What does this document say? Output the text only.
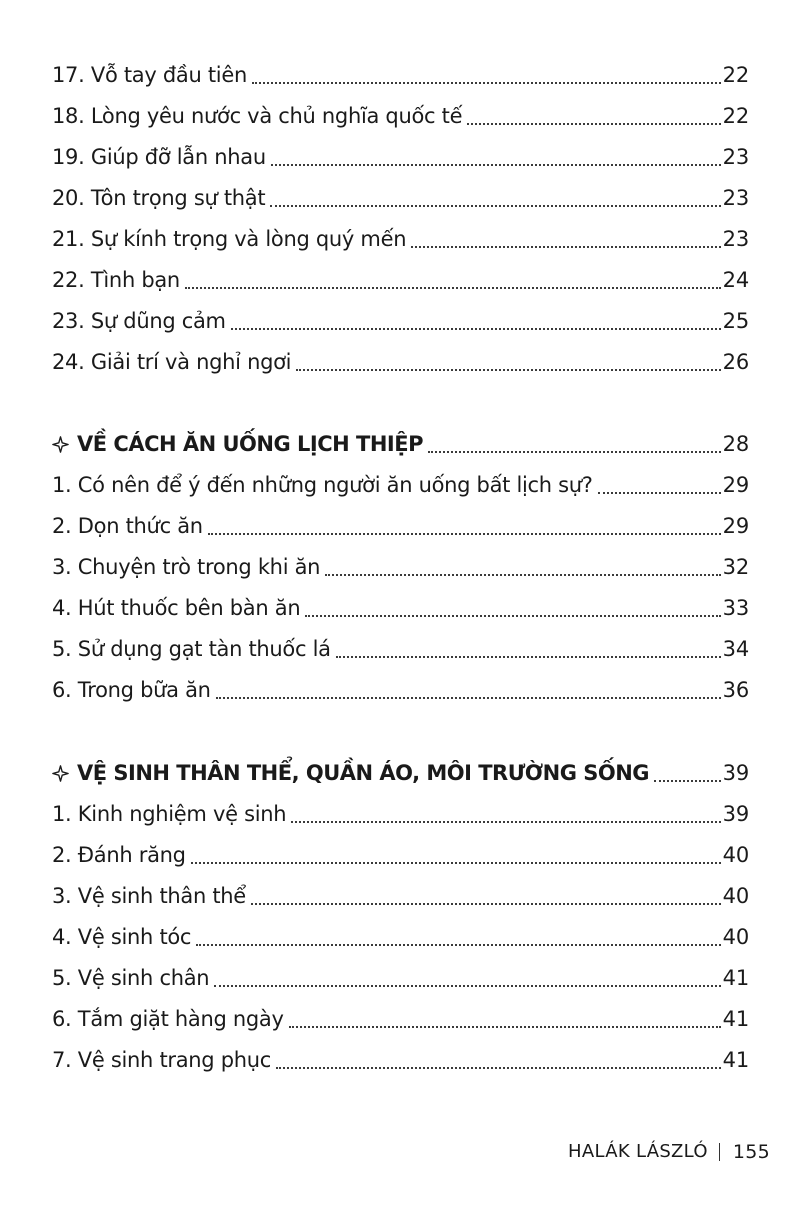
17. Vỗ tay đầu tiên	22
18. Lòng yêu nước và chủ nghĩa quốc tế	22
19. Giúp đỡ lẫn nhau	23
20. Tôn trọng sự thật	23
21. Sự kính trọng và lòng quý mến	23
22. Tình bạn	24
23. Sự dũng cảm	25
24. Giải trí và nghỉ ngơi	26
VỀ CÁCH ĂN UỐNG LỊCH THIỆP	28
1. Có nên để ý đến những người ăn uống bất lịch sự?	29
2. Dọn thức ăn	29
3. Chuyện trò trong khi ăn	32
4. Hút thuốc bên bàn ăn	33
5. Sử dụng gạt tàn thuốc lá	34
6. Trong bữa ăn	36
VỆ SINH THÂN THỂ, QUẦN ÁO, MÔI TRƯỜNG SỐNG	39
1. Kinh nghiệm vệ sinh	39
2. Đánh răng	40
3. Vệ sinh thân thể	40
4. Vệ sinh tóc	40
5. Vệ sinh chân	41
6. Tắm giặt hàng ngày	41
7. Vệ sinh trang phục	41
HALÁK LÁSZLÓ 155
